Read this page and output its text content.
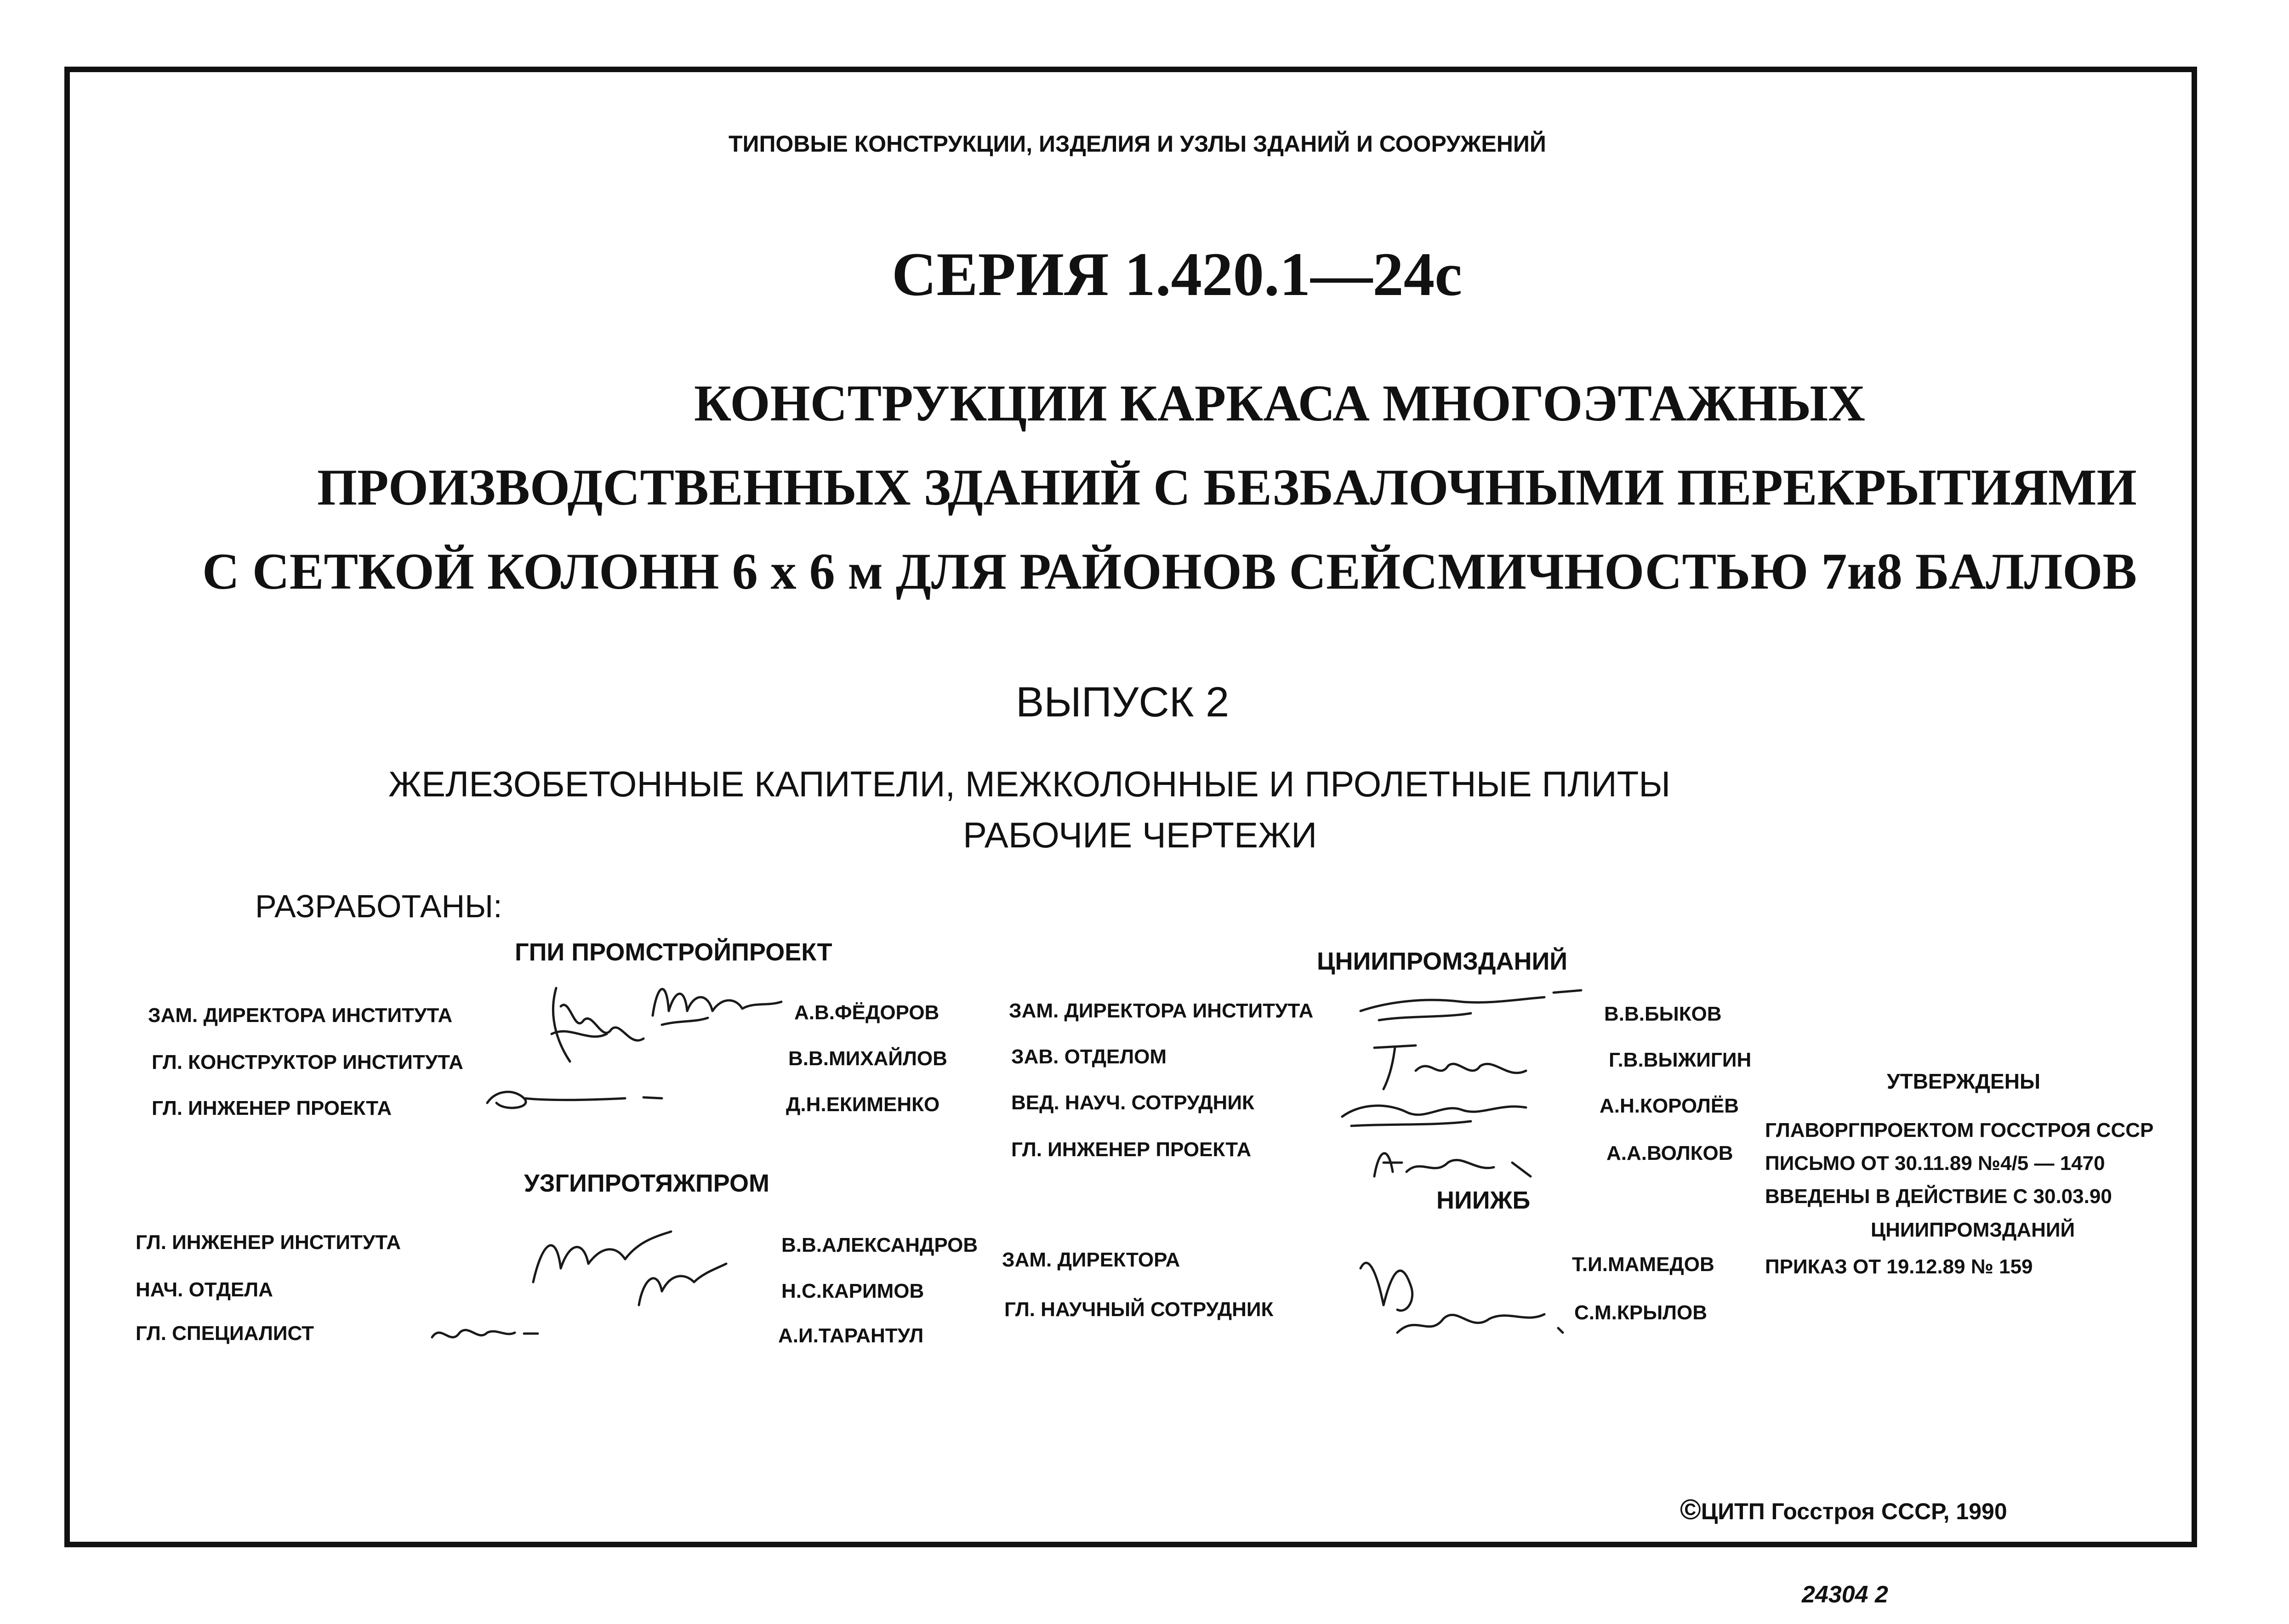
ТИПОВЫЕ КОНСТРУКЦИИ, ИЗДЕЛИЯ И УЗЛЫ ЗДАНИЙ И СООРУЖЕНИЙ

СЕРИЯ 1.420.1—24с

КОНСТРУКЦИИ КАРКАСА МНОГОЭТАЖНЫХ

ПРОИЗВОДСТВЕННЫХ ЗДАНИЙ С БЕЗБАЛОЧНЫМИ ПЕРЕКРЫТИЯМИ

С СЕТКОЙ КОЛОНН 6 х 6 м ДЛЯ РАЙОНОВ СЕЙСМИЧНОСТЬЮ 7и8 БАЛЛОВ

ВЫПУСК 2

ЖЕЛЕЗОБЕТОННЫЕ КАПИТЕЛИ, МЕЖКОЛОННЫЕ И ПРОЛЕТНЫЕ ПЛИТЫ

РАБОЧИЕ ЧЕРТЕЖИ

РАЗРАБОТАНЫ:

ГПИ ПРОМСТРОЙПРОЕКТ

ЗАМ. ДИРЕКТОРА ИНСТИТУТА	А.В.ФЁДОРОВ

ГЛ. КОНСТРУКТОР ИНСТИТУТА	В.В.МИХАЙЛОВ

ГЛ. ИНЖЕНЕР ПРОЕКТА	Д.Н.ЕКИМЕНКО

УЗГИПРОТЯЖПРОМ

ГЛ. ИНЖЕНЕР ИНСТИТУТА	В.В.АЛЕКСАНДРОВ

НАЧ. ОТДЕЛА	Н.С.КАРИМОВ

ГЛ. СПЕЦИАЛИСТ	А.И.ТАРАНТУЛ

ЦНИИПРОМЗДАНИЙ

ЗАМ. ДИРЕКТОРА ИНСТИТУТА	В.В.БЫКОВ

ЗАВ. ОТДЕЛОМ	Г.В.ВЫЖИГИН

ВЕД. НАУЧ. СОТРУДНИК	А.Н.КОРОЛЁВ

ГЛ. ИНЖЕНЕР ПРОЕКТА	А.А.ВОЛКОВ

НИИЖБ

ЗАМ. ДИРЕКТОРА	Т.И.МАМЕДОВ

ГЛ. НАУЧНЫЙ СОТРУДНИК	С.М.КРЫЛОВ

УТВЕРЖДЕНЫ

ГЛАВОРГПРОЕКТОМ ГОССТРОЯ СССР

ПИСЬМО ОТ 30.11.89 №4/5 — 1470

ВВЕДЕНЫ В ДЕЙСТВИЕ С 30.03.90

ЦНИИПРОМЗДАНИЙ

ПРИКАЗ ОТ 19.12.89 № 159

©ЦИТП Госстроя СССР, 1990

24304 2
